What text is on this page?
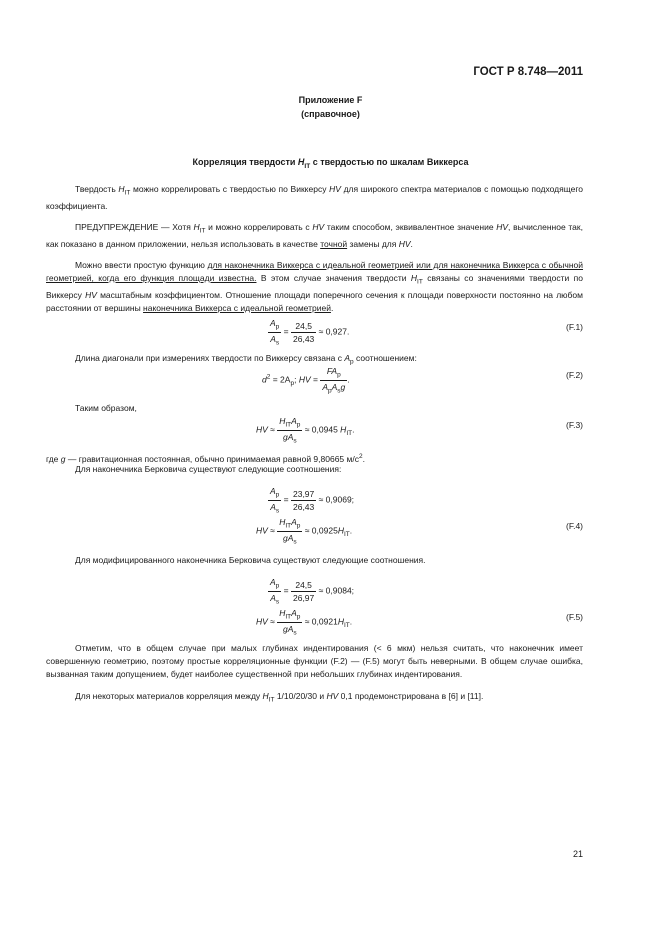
ГОСТ Р 8.748—2011
Приложение F
(справочное)
Корреляция твердости $H_{IT}$ с твердостью по шкалам Виккерса
Твердость $H_{IT}$ можно коррелировать с твердостью по Виккерсу HV для широкого спектра материалов с помощью подходящего коэффициента.
ПРЕДУПРЕЖДЕНИЕ — Хотя $H_{IT}$ и можно коррелировать с HV таким способом, эквивалентное значение HV, вычисленное так, как показано в данном приложении, нельзя использовать в качестве точной замены для HV.
Можно ввести простую функцию для наконечника Виккерса с идеальной геометрией или для наконечника Виккерса с обычной геометрией, когда его функция площади известна. В этом случае значения твердости $H_{IT}$ связаны со значениями твердости по Виккерсу HV масштабным коэффициентом. Отношение площади поперечного сечения к площади поверхности постоянно на любом расстоянии от вершины наконечника Виккерса с идеальной геометрией.
$\frac{A_p}{A_s} = \frac{24,5}{26,43} \approx 0,927$.	(F.1)
Длина диагонали при измерениях твердости по Виккерсу связана с $A_p$ соотношением:
$d^2 = 2A_p$; HV = $\frac{FA_p}{A_pA_sg}$ .	(F.2)
Таким образом,
HV ≈ $\frac{H_{IT}A_p}{gA_s} \approx 0,0945$ $H_{IT}$.	(F.3)
где g — гравитационная постоянная, обычно принимаемая равной 9,80665 $м/с^2$.
Для наконечника Берковича существуют следующие соотношения:
$\frac{A_p}{A_s} = \frac{23,97}{26,43} \approx 0,9069$;
HV ≈ $\frac{H_{IT}A_p}{gA_s} \approx 0,0925H_{IT}$.	(F.4)
Для модифицированного наконечника Берковича существуют следующие соотношения.
$\frac{A_p}{A_s} = \frac{24,5}{26,97} \approx 0,9084$;
HV ≈ $\frac{H_{IT}A_p}{gA_s} \approx 0,0921H_{IT}$.	(F.5)
Отметим, что в общем случае при малых глубинах индентирования (< 6 мкм) нельзя считать, что наконечник имеет совершенную геометрию, поэтому простые корреляционные функции (F.2) — (F.5) могут быть неверными. В общем случае ошибка, вызванная таким допущением, будет наиболее существенной при небольших глубинах индентирования.
Для некоторых материалов корреляция между $H_{IT}$ 1/10/20/30 и HV 0,1 продемонстрирована в [6] и [11].
21
